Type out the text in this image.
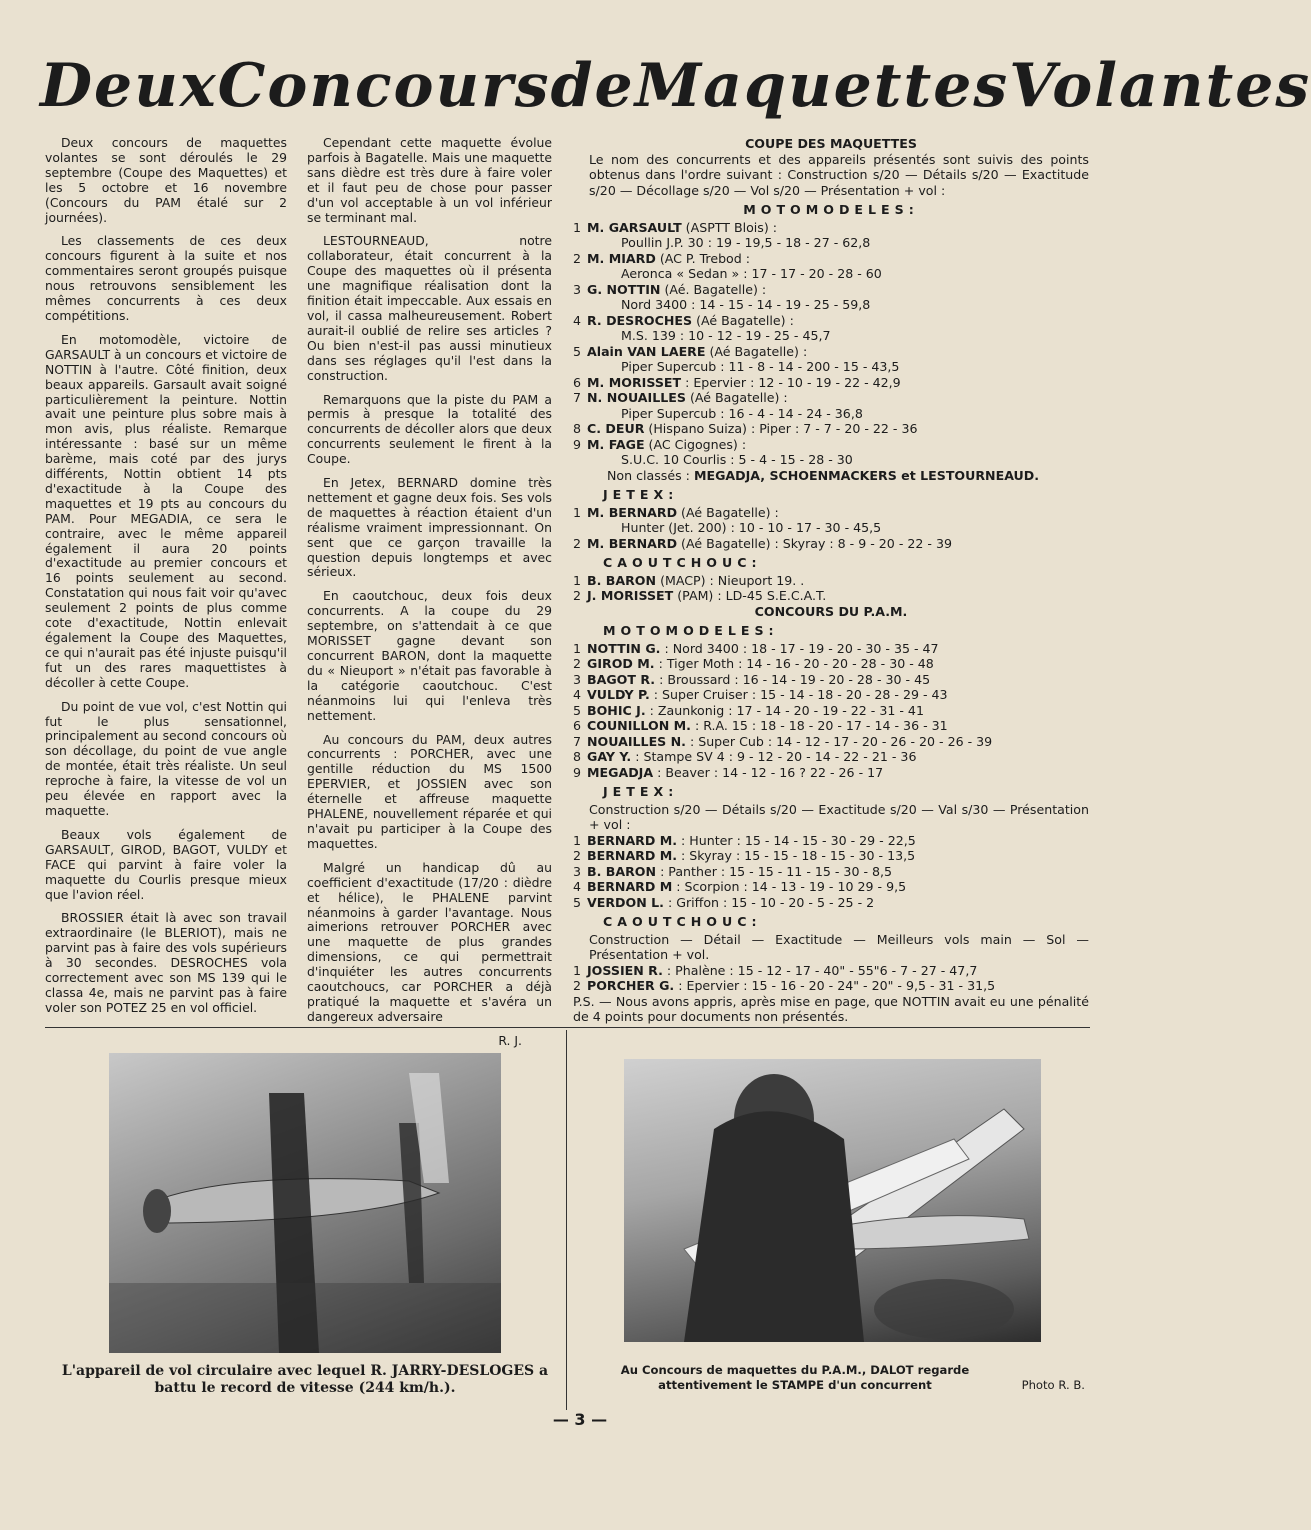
Deux Concours de Maquettes Volantes

Deux concours de maquettes volantes se sont déroulés le 29 septembre (Coupe des Maquettes) et les 5 octobre et 16 novembre (Concours du PAM étalé sur 2 journées).

Les classements de ces deux concours figurent à la suite et nos commentaires seront groupés puisque nous retrouvons sensiblement les mêmes concurrents à ces deux compétitions.

En motomodèle, victoire de GARSAULT à un concours et victoire de NOTTIN à l'autre. Côté finition, deux beaux appareils. Garsault avait soigné particulièrement la peinture. Nottin avait une peinture plus sobre mais à mon avis, plus réaliste. Remarque intéressante : basé sur un même barème, mais coté par des jurys différents, Nottin obtient 14 pts d'exactitude à la Coupe des maquettes et 19 pts au concours du PAM. Pour MEGADIA, ce sera le contraire, avec le même appareil également il aura 20 points d'exactitude au premier concours et 16 points seulement au second. Constatation qui nous fait voir qu'avec seulement 2 points de plus comme cote d'exactitude, Nottin enlevait également la Coupe des Maquettes, ce qui n'aurait pas été injuste puisqu'il fut un des rares maquettistes à décoller à cette Coupe.

Du point de vue vol, c'est Nottin qui fut le plus sensationnel, principalement au second concours où son décollage, du point de vue angle de montée, était très réaliste. Un seul reproche à faire, la vitesse de vol un peu élevée en rapport avec la maquette.

Beaux vols également de GARSAULT, GIROD, BAGOT, VULDY et FACE qui parvint à faire voler la maquette du Courlis presque mieux que l'avion réel.

BROSSIER était là avec son travail extraordinaire (le BLERIOT), mais ne parvint pas à faire des vols supérieurs à 30 secondes. DESROCHES vola correctement avec son MS 139 qui le classa 4e, mais ne parvint pas à faire voler son POTEZ 25 en vol officiel.

Cependant cette maquette évolue parfois à Bagatelle. Mais une maquette sans dièdre est très dure à faire voler et il faut peu de chose pour passer d'un vol acceptable à un vol inférieur se terminant mal.

LESTOURNEAUD, notre collaborateur, était concurrent à la Coupe des maquettes où il présenta une magnifique réalisation dont la finition était impeccable. Aux essais en vol, il cassa malheureusement. Robert aurait-il oublié de relire ses articles ? Ou bien n'est-il pas aussi minutieux dans ses réglages qu'il l'est dans la construction.

Remarquons que la piste du PAM a permis à presque la totalité des concurrents de décoller alors que deux concurrents seulement le firent à la Coupe.

En Jetex, BERNARD domine très nettement et gagne deux fois. Ses vols de maquettes à réaction étaient d'un réalisme vraiment impressionnant. On sent que ce garçon travaille la question depuis longtemps et avec sérieux.

En caoutchouc, deux fois deux concurrents. A la coupe du 29 septembre, on s'attendait à ce que MORISSET gagne devant son concurrent BARON, dont la maquette du « Nieuport » n'était pas favorable à la catégorie caoutchouc. C'est néanmoins lui qui l'enleva très nettement.

Au concours du PAM, deux autres concurrents : PORCHER, avec une gentille réduction du MS 1500 EPERVIER, et JOSSIEN avec son éternelle et affreuse maquette PHALENE, nouvellement réparée et qui n'avait pu participer à la Coupe des maquettes.

Malgré un handicap dû au coefficient d'exactitude (17/20 : dièdre et hélice), le PHALENE parvint néanmoins à garder l'avantage. Nous aimerions retrouver PORCHER avec une maquette de plus grandes dimensions, ce qui permettrait d'inquiéter les autres concurrents caoutchoucs, car PORCHER a déjà pratiqué la maquette et s'avéra un dangereux adversaire

R. J.
COUPE DES MAQUETTES
Le nom des concurrents et des appareils présentés sont suivis des points obtenus dans l'ordre suivant : Construction s/20 — Détails s/20 — Exactitude s/20 — Décollage s/20 — Vol s/20 — Présentation + vol :
MOTOMODELES:
1 M. GARSAULT (ASPTT Blois) :
Poullin J.P. 30 : 19 - 19,5 - 18 - 27 - 62,8
2 M. MIARD (AC P. Trebod :
Aeronca « Sedan » : 17 - 17 - 20 - 28 - 60
3 G. NOTTIN (Aé. Bagatelle) :
Nord 3400 : 14 - 15 - 14 - 19 - 25 - 59,8
4 R. DESROCHES (Aé Bagatelle) :
M.S. 139 : 10 - 12 - 19 - 25 - 45,7
5 Alain VAN LAERE (Aé Bagatelle) :
Piper Supercub : 11 - 8 - 14 - 200 - 15 - 43,5
6 M. MORISSET : Epervier : 12 - 10 - 19 - 22 - 42,9
7 N. NOUAILLES (Aé Bagatelle) :
Piper Supercub : 16 - 4 - 14 - 24 - 36,8
8 C. DEUR (Hispano Suiza) : Piper : 7 - 7 - 20 - 22 - 36
9 M. FAGE (AC Cigognes) :
S.U.C. 10 Courlis : 5 - 4 - 15 - 28 - 30
Non classés : MEGADJA, SCHOENMACKERS et LESTOURNEAUD.
JETEX:
1 M. BERNARD (Aé Bagatelle) :
Hunter (Jet. 200) : 10 - 10 - 17 - 30 - 45,5
2 M. BERNARD (Aé Bagatelle) : Skyray : 8 - 9 - 20 - 22 - 39
CAOUTCHOUC:
1 B. BARON (MACP) : Nieuport 19. .
2 J. MORISSET (PAM) : LD-45 S.E.C.A.T.
CONCOURS DU P.A.M.
MOTOMODELES:
1 NOTTIN G. : Nord 3400 : 18 - 17 - 19 - 20 - 30 - 35 - 47
2 GIROD M. : Tiger Moth : 14 - 16 - 20 - 20 - 28 - 30 - 48
3 BAGOT R. : Broussard : 16 - 14 - 19 - 20 - 28 - 30 - 45
4 VULDY P. : Super Cruiser : 15 - 14 - 18 - 20 - 28 - 29 - 43
5 BOHIC J. : Zaunkonig : 17 - 14 - 20 - 19 - 22 - 31 - 41
6 COUNILLON M. : R.A. 15 : 18 - 18 - 20 - 17 - 14 - 36 - 31
7 NOUAILLES N. : Super Cub : 14 - 12 - 17 - 20 - 26 - 20 - 26 - 39
8 GAY Y. : Stampe SV 4 : 9 - 12 - 20 - 14 - 22 - 21 - 36
9 MEGADJA : Beaver : 14 - 12 - 16 ? 22 - 26 - 17
JETEX:
Construction s/20 — Détails s/20 — Exactitude s/20 — Val s/30 — Présentation + vol :
1 BERNARD M. : Hunter : 15 - 14 - 15 - 30 - 29 - 22,5
2 BERNARD M. : Skyray : 15 - 15 - 18 - 15 - 30 - 13,5
3 B. BARON : Panther : 15 - 15 - 11 - 15 - 30 - 8,5
4 BERNARD M : Scorpion : 14 - 13 - 19 - 10 29 - 9,5
5 VERDON L. : Griffon : 15 - 10 - 20 - 5 - 25 - 2
CAOUTCHOUC:
Construction — Détail — Exactitude — Meilleurs vols main — Sol — Présentation + vol.
1 JOSSIEN R. : Phalène : 15 - 12 - 17 - 40" - 55"6 - 7 - 27 - 47,7
2 PORCHER G. : Epervier : 15 - 16 - 20 - 24" - 20" - 9,5 - 31 - 31,5
P.S. — Nous avons appris, après mise en page, que NOTTIN avait eu une pénalité de 4 points pour documents non présentés.
L'appareil de vol circulaire avec lequel R. JARRY-DESLOGES a battu le record de vitesse (244 km/h.).
Au Concours de maquettes du P.A.M., DALOT regarde attentivement le STAMPE d'un concurrent	Photo R. B.
— 3 —
